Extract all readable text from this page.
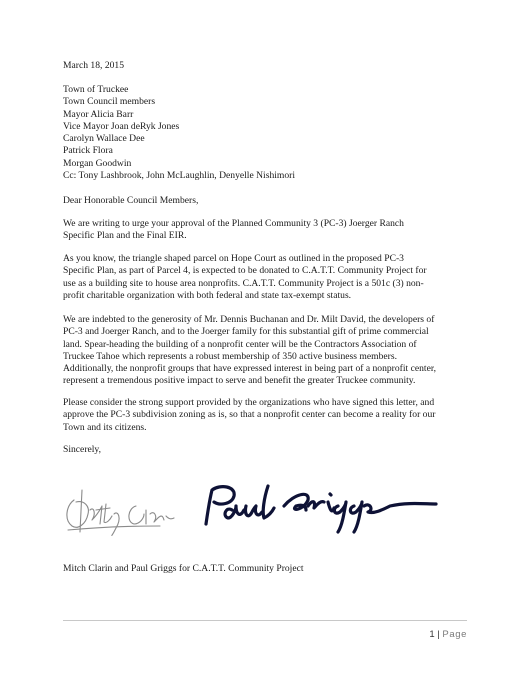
March 18, 2015
Town of Truckee
Town Council members
Mayor Alicia Barr
Vice Mayor Joan deRyk Jones
Carolyn Wallace Dee
Patrick Flora
Morgan Goodwin
Cc: Tony Lashbrook, John McLaughlin, Denyelle Nishimori
Dear Honorable Council Members,
We are writing to urge your approval of the Planned Community 3 (PC-3) Joerger Ranch
Specific Plan and the Final EIR.
As you know, the triangle shaped parcel on Hope Court as outlined in the proposed PC-3
Specific Plan, as part of Parcel 4, is expected to be donated to C.A.T.T. Community Project for
use as a building site to house area nonprofits. C.A.T.T. Community Project is a 501c (3) non-
profit charitable organization with both federal and state tax-exempt status.
We are indebted to the generosity of Mr. Dennis Buchanan and Dr. Milt David, the developers of
PC-3 and Joerger Ranch, and to the Joerger family for this substantial gift of prime commercial
land. Spear-heading the building of a nonprofit center will be the Contractors Association of
Truckee Tahoe which represents a robust membership of 350 active business members.
Additionally, the nonprofit groups that have expressed interest in being part of a nonprofit center,
represent a tremendous positive impact to serve and benefit the greater Truckee community.
Please consider the strong support provided by the organizations who have signed this letter, and
approve the PC-3 subdivision zoning as is, so that a nonprofit center can become a reality for our
Town and its citizens.
Sincerely,
Mitch Clarin and Paul Griggs for C.A.T.T. Community Project
1 | Page
